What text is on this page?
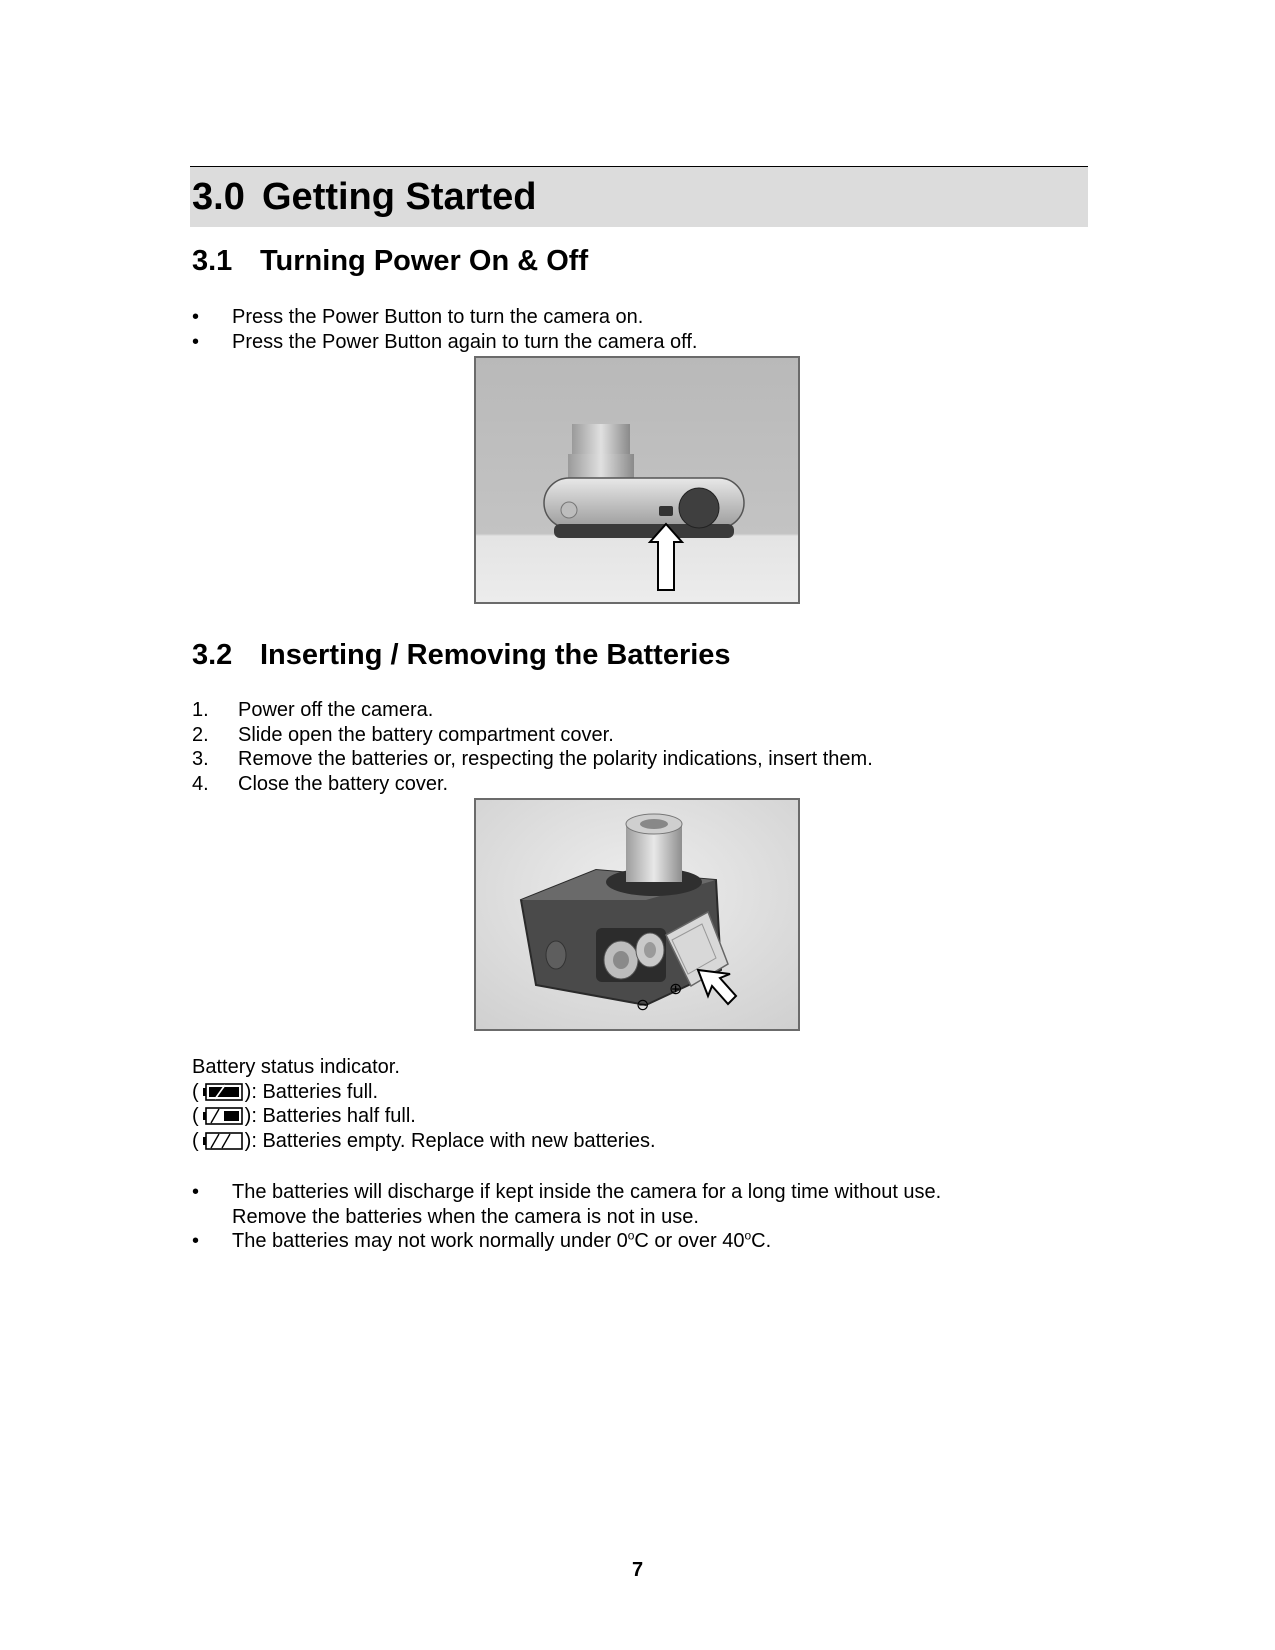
3.0 Getting Started
3.1 Turning Power On & Off
• Press the Power Button to turn the camera on.
• Press the Power Button again to turn the camera off.
3.2 Inserting / Removing the Batteries
1. Power off the camera.
2. Slide open the battery compartment cover.
3. Remove the batteries or, respecting the polarity indications, insert them.
4. Close the battery cover.
⊖
⊕
Battery status indicator.
( ): Batteries full.
( ): Batteries half full.
( ): Batteries empty. Replace with new batteries.
• The batteries will discharge if kept inside the camera for a long time without use.
Remove the batteries when the camera is not in use.
• The batteries may not work normally under 0$^o$C or over 40$^o$C.
7
